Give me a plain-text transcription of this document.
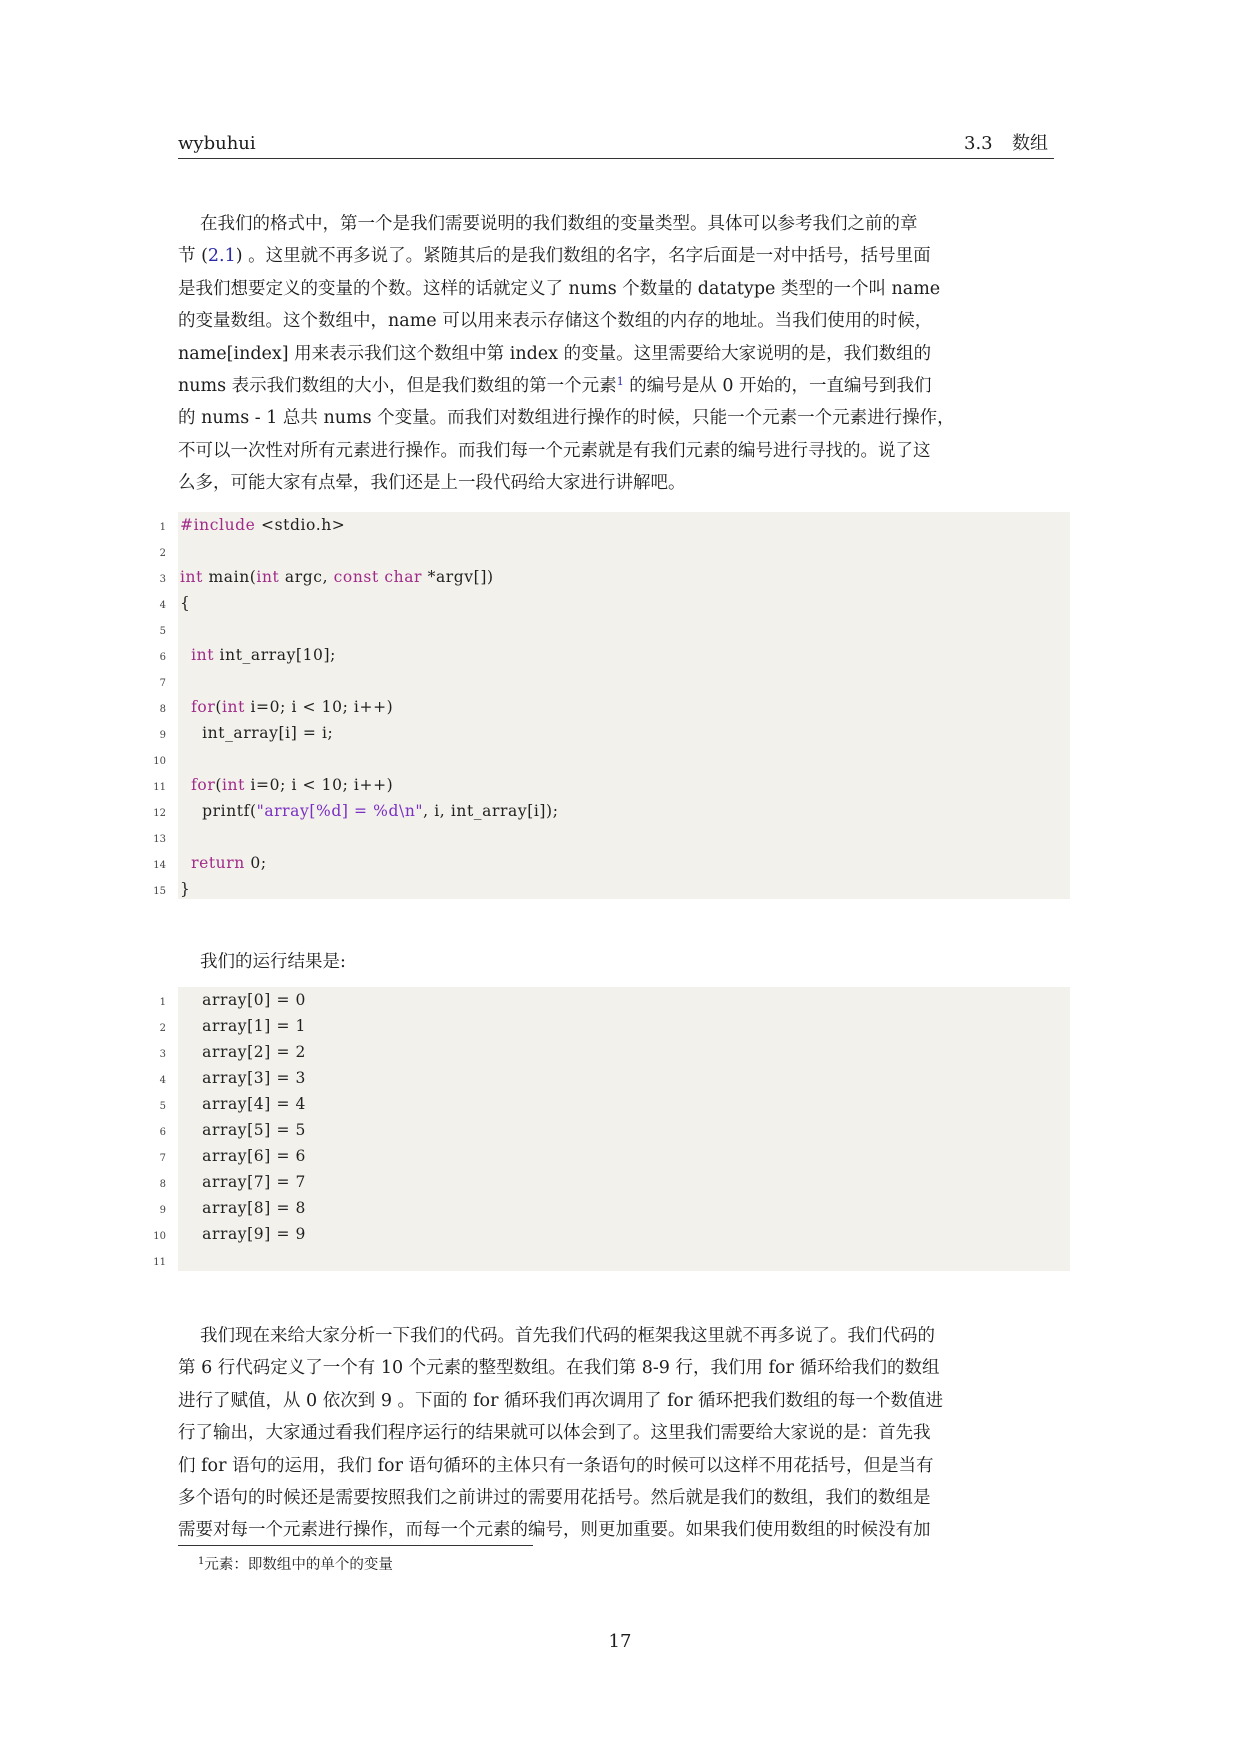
wybuhui	3.3 数组

在我们的格式中，第一个是我们需要说明的我们数组的变量类型。具体可以参考我们之前的章

节 (2.1) 。这里就不再多说了。紧随其后的是我们数组的名字，名字后面是一对中括号，括号里面

是我们想要定义的变量的个数。这样的话就定义了 nums 个数量的 datatype 类型的一个叫 name

的变量数组。这个数组中，name 可以用来表示存储这个数组的内存的地址。当我们使用的时候，

name[index] 用来表示我们这个数组中第 index 的变量。这里需要给大家说明的是，我们数组的

nums 表示我们数组的大小，但是我们数组的第一个元素$^1$ 的编号是从 0 开始的，一直编号到我们

的 nums - 1 总共 nums 个变量。而我们对数组进行操作的时候，只能一个元素一个元素进行操作，

不可以一次性对所有元素进行操作。而我们每一个元素就是有我们元素的编号进行寻找的。说了这

么多，可能大家有点晕，我们还是上一段代码给大家进行讲解吧。

1
2
3
4
5
6
7
8
9
10
11
12
13
14
15
#include <stdio.h>
int main(int argc, const char *argv[])
{
int int_array[10];
for(int i=0; i < 10; i++)
int_array[i] = i;
for(int i=0; i < 10; i++)
printf("array[%d] = %d\n", i, int_array[i]);
return 0;
}
我们的运行结果是:
1
2
3
4
5
6
7
8
9
10
11
array[0] = 0
array[1] = 1
array[2] = 2
array[3] = 3
array[4] = 4
array[5] = 5
array[6] = 6
array[7] = 7
array[8] = 8
array[9] = 9

我们现在来给大家分析一下我们的代码。首先我们代码的框架我这里就不再多说了。我们代码的

第 6 行代码定义了一个有 10 个元素的整型数组。在我们第 8-9 行，我们用 for 循环给我们的数组

进行了赋值，从 0 依次到 9 。下面的 for 循环我们再次调用了 for 循环把我们数组的每一个数值进

行了输出，大家通过看我们程序运行的结果就可以体会到了。这里我们需要给大家说的是：首先我

们 for 语句的运用，我们 for 语句循环的主体只有一条语句的时候可以这样不用花括号，但是当有

多个语句的时候还是需要按照我们之前讲过的需要用花括号。然后就是我们的数组，我们的数组是

需要对每一个元素进行操作，而每一个元素的编号，则更加重要。如果我们使用数组的时候没有加

$^1$元素：即数组中的单个的变量
17
